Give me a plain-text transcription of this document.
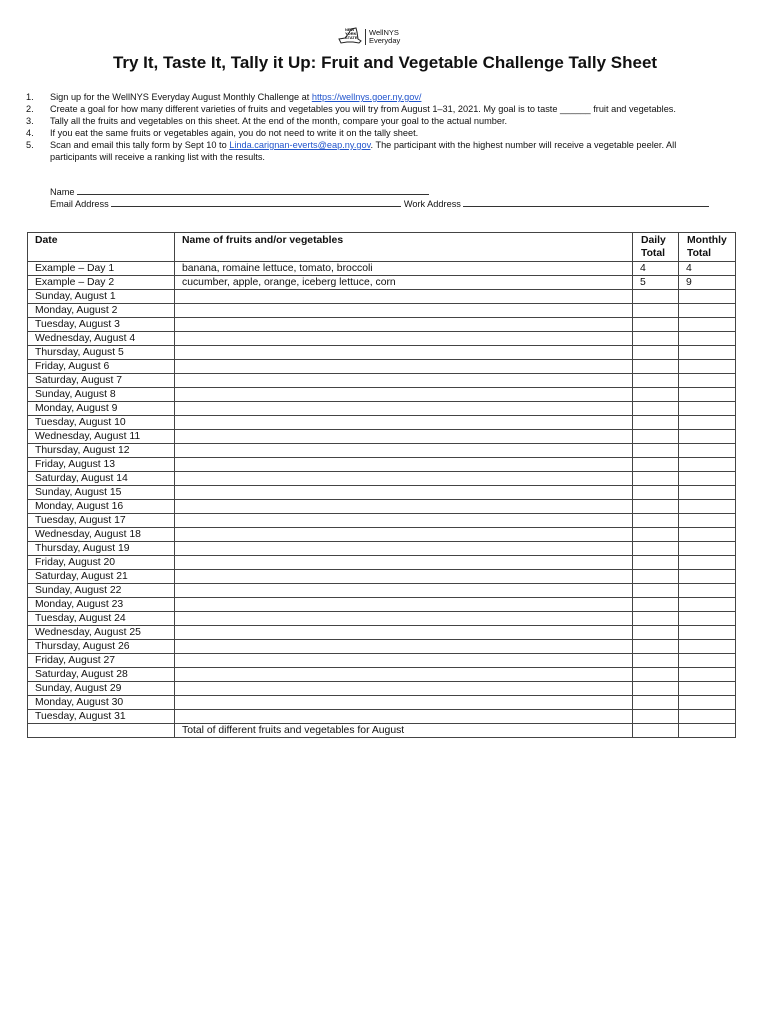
NEW YORK STATE
WellNYS
Everyday
Try It, Taste It, Tally it Up: Fruit and Vegetable Challenge Tally Sheet
1.	Sign up for the WellNYS Everyday August Monthly Challenge at https://wellnys.goer.ny.gov/
2.	Create a goal for how many different varieties of fruits and vegetables you will try from August 1–31, 2021. My goal is to taste ______ fruit and vegetables.
3.	Tally all the fruits and vegetables on this sheet. At the end of the month, compare your goal to the actual number.
4.	If you eat the same fruits or vegetables again, you do not need to write it on the tally sheet.
5.	Scan and email this tally form by Sept 10 to Linda.carignan-everts@eap.ny.gov. The participant with the highest number will receive a vegetable peeler. All participants will receive a ranking list with the results.
Name
Email Address	Work Address
Date	Name of fruits and/or vegetables	Daily Total	Monthly Total
Example – Day 1	banana, romaine lettuce, tomato, broccoli	4	4
Example – Day 2	cucumber, apple, orange, iceberg lettuce, corn	5	9
Sunday, August 1			
Monday, August 2			
Tuesday, August 3			
Wednesday, August 4			
Thursday, August 5			
Friday, August 6			
Saturday, August 7			
Sunday, August 8			
Monday, August 9			
Tuesday, August 10			
Wednesday, August 11			
Thursday, August 12			
Friday, August 13			
Saturday, August 14			
Sunday, August 15			
Monday, August 16			
Tuesday, August 17			
Wednesday, August 18			
Thursday, August 19			
Friday, August 20			
Saturday, August 21			
Sunday, August 22			
Monday, August 23			
Tuesday, August 24			
Wednesday, August 25			
Thursday, August 26			
Friday, August 27			
Saturday, August 28			
Sunday, August 29			
Monday, August 30			
Tuesday, August 31			
	Total of different fruits and vegetables for August		
